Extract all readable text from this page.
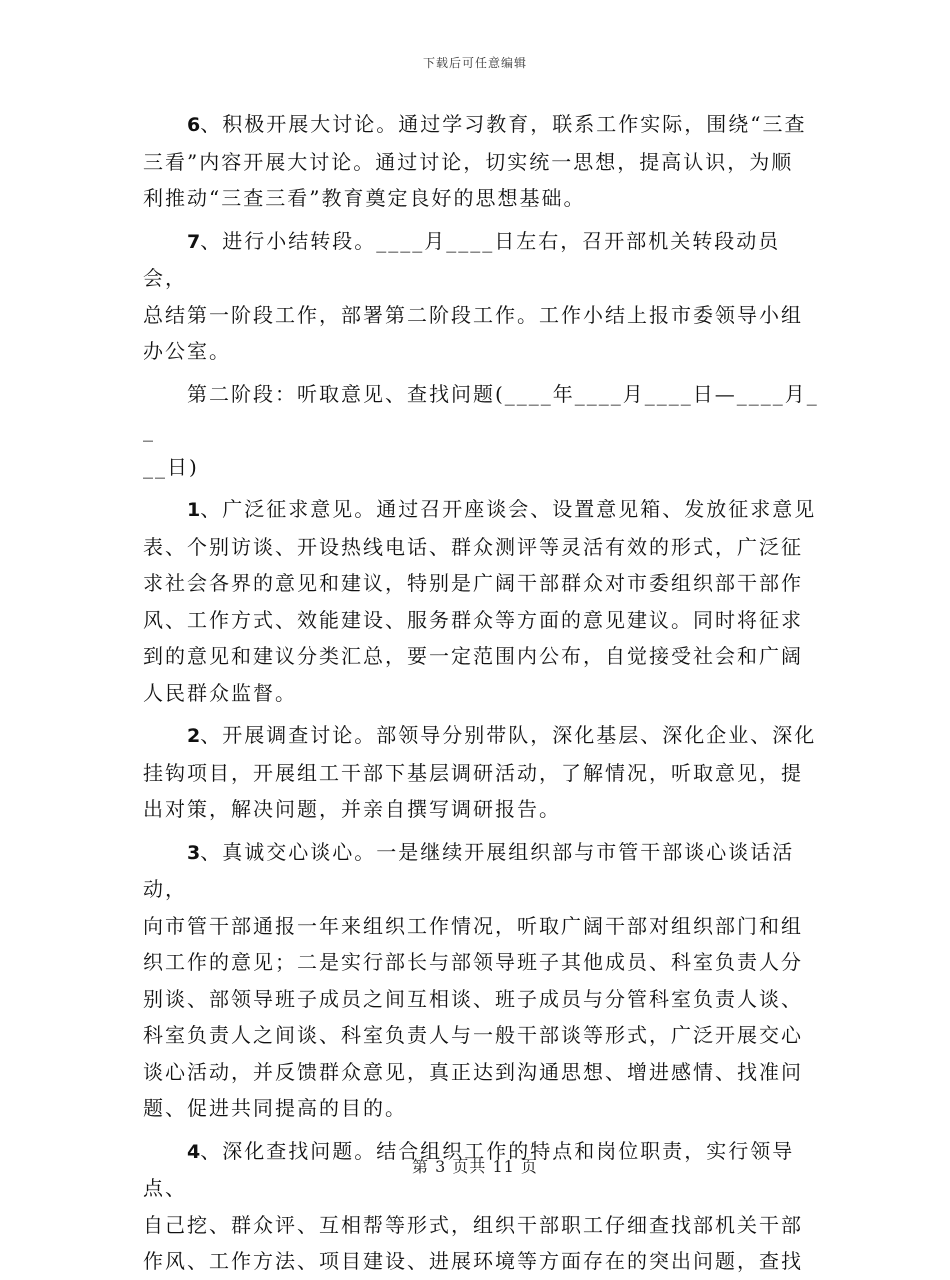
下载后可任意编辑
6、积极开展大讨论。通过学习教育，联系工作实际，围绕“三查
三看”内容开展大讨论。通过讨论，切实统一思想，提高认识，为顺
利推动“三查三看”教育奠定良好的思想基础。
7、进行小结转段。____月____日左右，召开部机关转段动员会，
总结第一阶段工作，部署第二阶段工作。工作小结上报市委领导小组
办公室。
第二阶段：听取意见、查找问题(____年____月____日—____月__
__日)
1、广泛征求意见。通过召开座谈会、设置意见箱、发放征求意见
表、个别访谈、开设热线电话、群众测评等灵活有效的形式，广泛征
求社会各界的意见和建议，特别是广阔干部群众对市委组织部干部作
风、工作方式、效能建设、服务群众等方面的意见建议。同时将征求
到的意见和建议分类汇总，要一定范围内公布，自觉接受社会和广阔
人民群众监督。
2、开展调查讨论。部领导分别带队，深化基层、深化企业、深化
挂钩项目，开展组工干部下基层调研活动，了解情况，听取意见，提
出对策，解决问题，并亲自撰写调研报告。
3、真诚交心谈心。一是继续开展组织部与市管干部谈心谈话活动，
向市管干部通报一年来组织工作情况，听取广阔干部对组织部门和组
织工作的意见；二是实行部长与部领导班子其他成员、科室负责人分
别谈、部领导班子成员之间互相谈、班子成员与分管科室负责人谈、
科室负责人之间谈、科室负责人与一般干部谈等形式，广泛开展交心
谈心活动，并反馈群众意见，真正达到沟通思想、增进感情、找准问
题、促进共同提高的目的。
4、深化查找问题。结合组织工作的特点和岗位职责，实行领导点、
自己挖、群众评、互相帮等形式，组织干部职工仔细查找部机关干部
作风、工作方法、项目建设、进展环境等方面存在的突出问题，查找
第 3 页共 11 页
